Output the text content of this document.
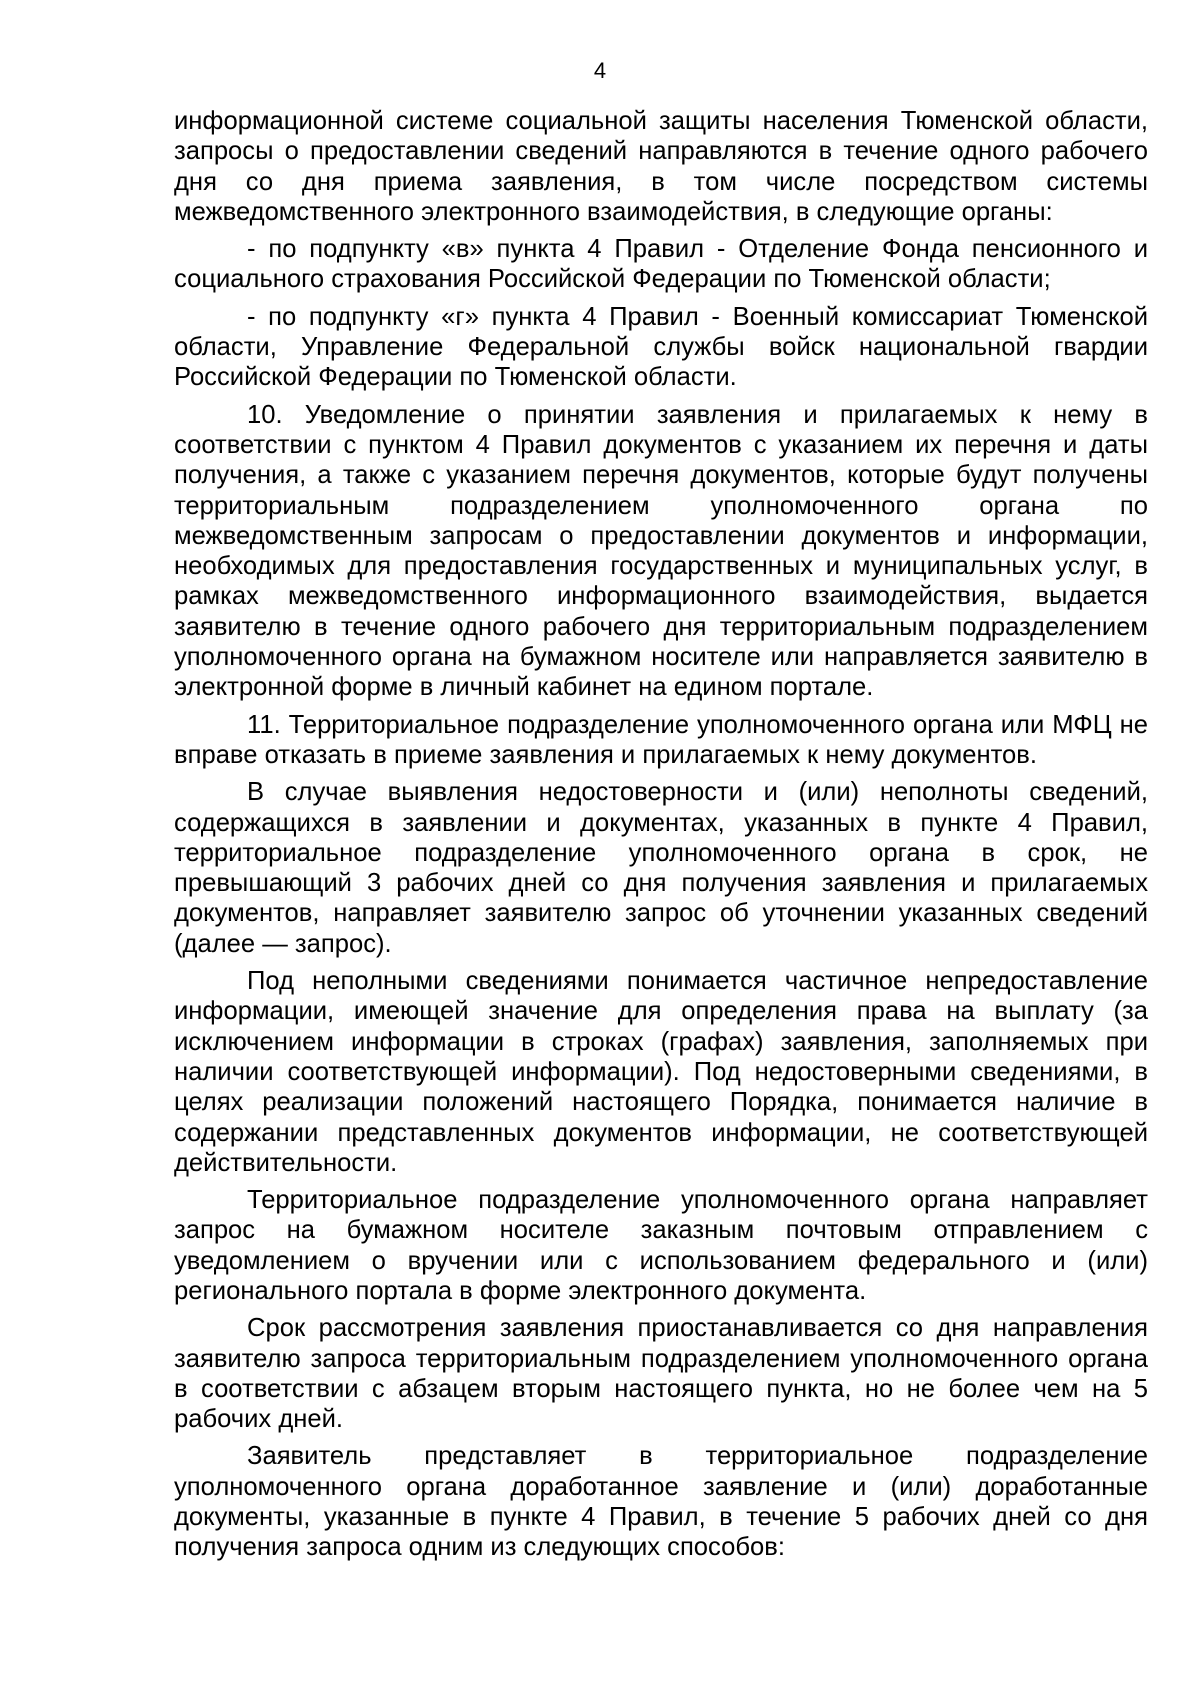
4

информационной системе социальной защиты населения Тюменской области, запросы о предоставлении сведений направляются в течение одного рабочего дня со дня приема заявления, в том числе посредством системы межведомственного электронного взаимодействия, в следующие органы:

- по подпункту «в» пункта 4 Правил - Отделение Фонда пенсионного и социального страхования Российской Федерации по Тюменской области;

- по подпункту «г» пункта 4 Правил - Военный комиссариат Тюменской области, Управление Федеральной службы войск национальной гвардии Российской Федерации по Тюменской области.

10. Уведомление о принятии заявления и прилагаемых к нему в соответствии с пунктом 4 Правил документов с указанием их перечня и даты получения, а также с указанием перечня документов, которые будут получены территориальным подразделением уполномоченного органа по межведомственным запросам о предоставлении документов и информации, необходимых для предоставления государственных и муниципальных услуг, в рамках межведомственного информационного взаимодействия, выдается заявителю в течение одного рабочего дня территориальным подразделением уполномоченного органа на бумажном носителе или направляется заявителю в электронной форме в личный кабинет на едином портале.

11. Территориальное подразделение уполномоченного органа или МФЦ не вправе отказать в приеме заявления и прилагаемых к нему документов.

В случае выявления недостоверности и (или) неполноты сведений, содержащихся в заявлении и документах, указанных в пункте 4 Правил, территориальное подразделение уполномоченного органа в срок, не превышающий 3 рабочих дней со дня получения заявления и прилагаемых документов, направляет заявителю запрос об уточнении указанных сведений (далее — запрос).

Под неполными сведениями понимается частичное непредоставление информации, имеющей значение для определения права на выплату (за исключением информации в строках (графах) заявления, заполняемых при наличии соответствующей информации). Под недостоверными сведениями, в целях реализации положений настоящего Порядка, понимается наличие в содержании представленных документов информации, не соответствующей действительности.

Территориальное подразделение уполномоченного органа направляет запрос на бумажном носителе заказным почтовым отправлением с уведомлением о вручении или с использованием федерального и (или) регионального портала в форме электронного документа.

Срок рассмотрения заявления приостанавливается со дня направления заявителю запроса территориальным подразделением уполномоченного органа в соответствии с абзацем вторым настоящего пункта, но не более чем на 5 рабочих дней.

Заявитель представляет в территориальное подразделение уполномоченного органа доработанное заявление и (или) доработанные документы, указанные в пункте 4 Правил, в течение 5 рабочих дней со дня получения запроса одним из следующих способов:
